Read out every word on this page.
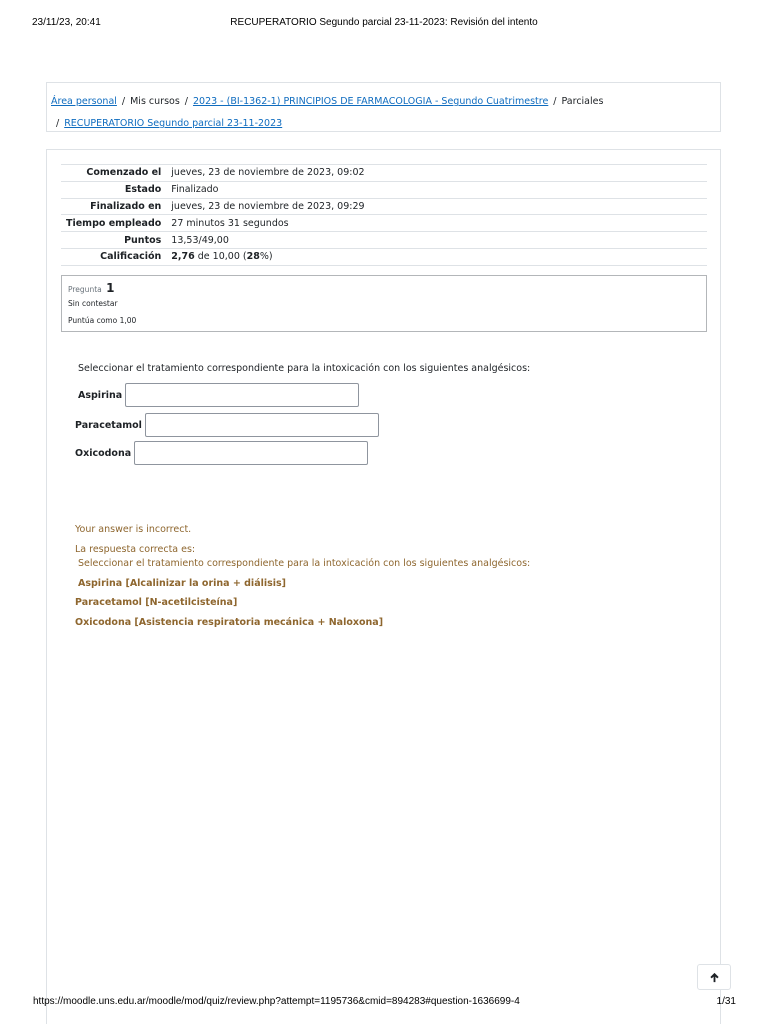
23/11/23, 20:41	RECUPERATORIO Segundo parcial 23-11-2023: Revisión del intento
Área personal / Mis cursos / 2023 - (BI-1362-1) PRINCIPIOS DE FARMACOLOGIA - Segundo Cuatrimestre / Parciales
/ RECUPERATORIO Segundo parcial 23-11-2023
Comenzado el	jueves, 23 de noviembre de 2023, 09:02
Estado	Finalizado
Finalizado en	jueves, 23 de noviembre de 2023, 09:29
Tiempo empleado	27 minutos 31 segundos
Puntos	13,53/49,00
Calificación	2,76 de 10,00 (28%)
Pregunta 1
Sin contestar
Puntúa como 1,00
Seleccionar el tratamiento correspondiente para la intoxicación con los siguientes analgésicos:
Aspirina
Paracetamol
Oxicodona
Your answer is incorrect.
La respuesta correcta es:
Seleccionar el tratamiento correspondiente para la intoxicación con los siguientes analgésicos:
Aspirina [Alcalinizar la orina + diálisis]
Paracetamol [N-acetilcisteína]
Oxicodona [Asistencia respiratoria mecánica + Naloxona]
https://moodle.uns.edu.ar/moodle/mod/quiz/review.php?attempt=1195736&cmid=894283#question-1636699-4	1/31
